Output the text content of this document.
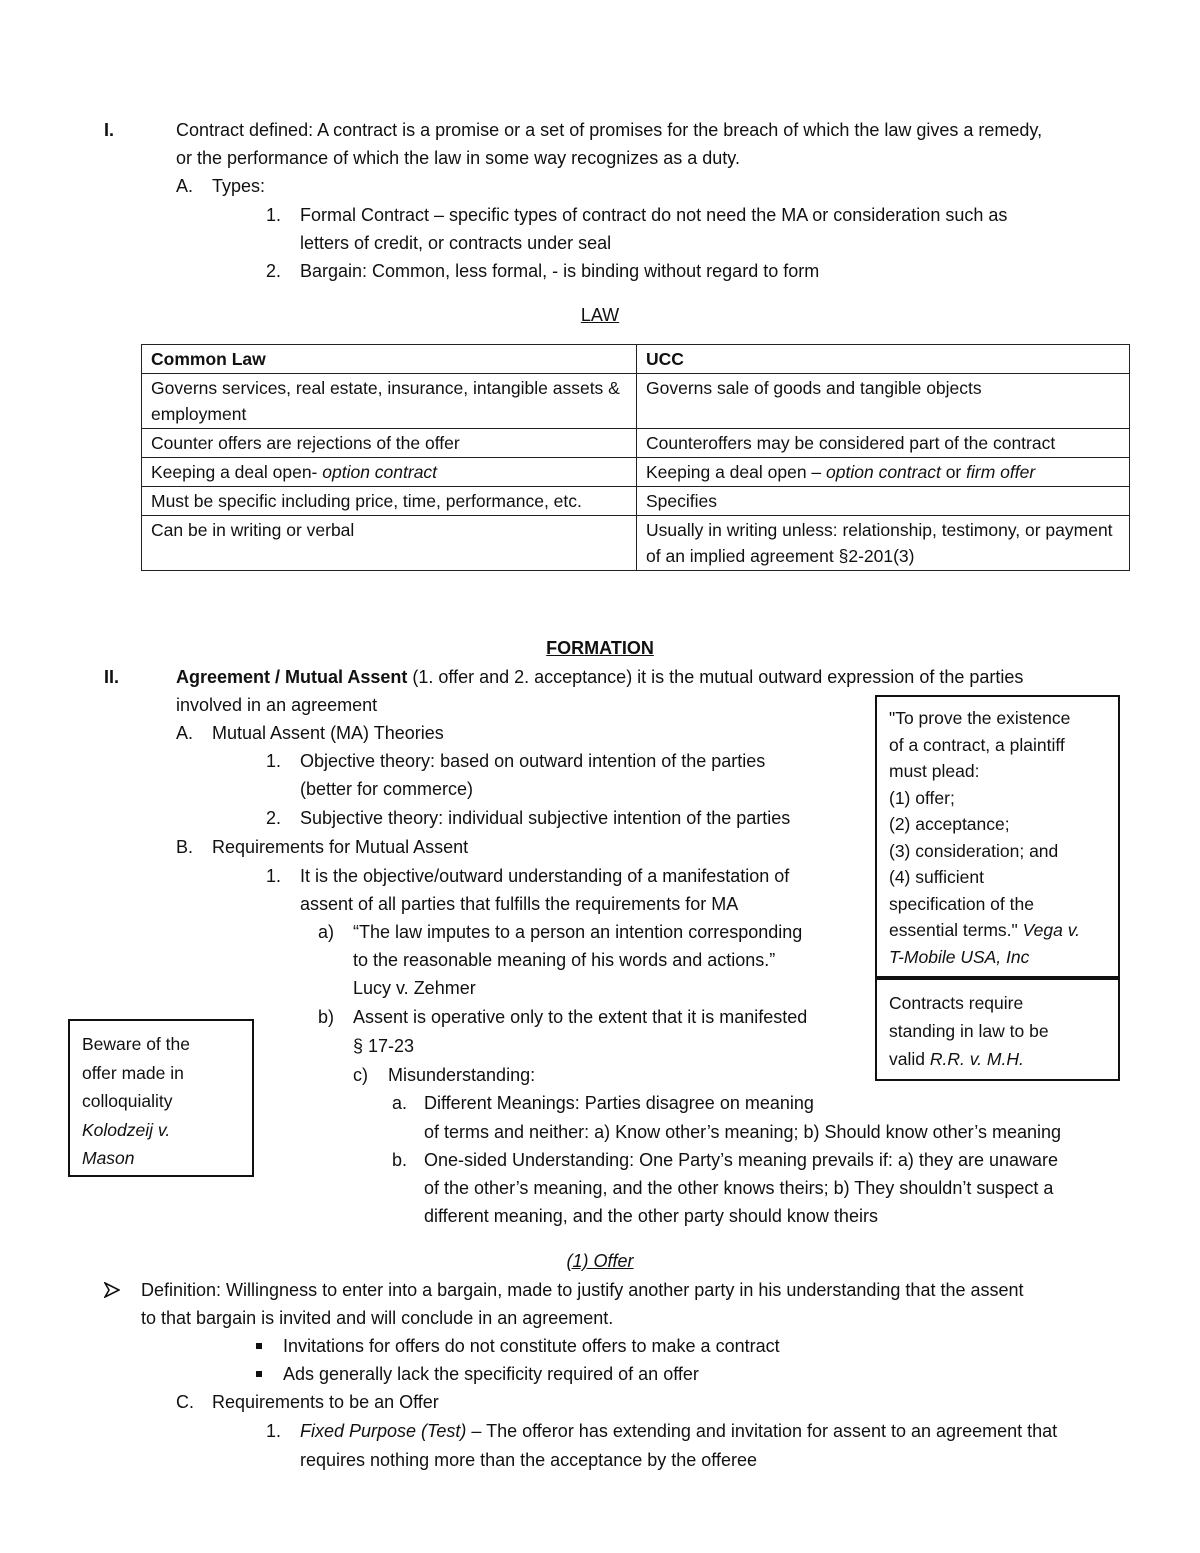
I.	Contract defined: A contract is a promise or a set of promises for the breach of which the law gives a remedy,
or the performance of which the law in some way recognizes as a duty.
A. Types:
1. Formal Contract – specific types of contract do not need the MA or consideration such as
letters of credit, or contracts under seal
2. Bargain: Common, less formal, - is binding without regard to form
LAW
Common Law	UCC
Governs services, real estate, insurance, intangible assets & employment	Governs sale of goods and tangible objects
Counter offers are rejections of the offer	Counteroffers may be considered part of the contract
Keeping a deal open- option contract	Keeping a deal open – option contract or firm offer
Must be specific including price, time, performance, etc.	Specifies
Can be in writing or verbal	Usually in writing unless: relationship, testimony, or payment of an implied agreement §2-201(3)
FORMATION
II.	Agreement / Mutual Assent (1. offer and 2. acceptance) it is the mutual outward expression of the parties
involved in an agreement
A. Mutual Assent (MA) Theories
1. Objective theory: based on outward intention of the parties
(better for commerce)
2. Subjective theory: individual subjective intention of the parties
B. Requirements for Mutual Assent
1. It is the objective/outward understanding of a manifestation of
assent of all parties that fulfills the requirements for MA
a) “The law imputes to a person an intention corresponding
to the reasonable meaning of his words and actions.”
Lucy v. Zehmer
b) Assent is operative only to the extent that it is manifested
§ 17-23
c) Misunderstanding:
a. Different Meanings: Parties disagree on meaning
of terms and neither: a) Know other’s meaning; b) Should know other’s meaning
b. One-sided Understanding: One Party’s meaning prevails if: a) they are unaware
of the other’s meaning, and the other knows theirs; b) They shouldn’t suspect a
different meaning, and the other party should know theirs
"To prove the existence
of a contract, a plaintiff
must plead:
(1) offer;
(2) acceptance;
(3) consideration; and
(4) sufficient
specification of the
essential terms." Vega v.
T-Mobile USA, Inc
Contracts require
standing in law to be
valid R.R. v. M.H.
Beware of the
offer made in
colloquiality
Kolodzeij v.
Mason
(1) Offer
Definition: Willingness to enter into a bargain, made to justify another party in his understanding that the assent
to that bargain is invited and will conclude in an agreement.
Invitations for offers do not constitute offers to make a contract
Ads generally lack the specificity required of an offer
C. Requirements to be an Offer
1. Fixed Purpose (Test) – The offeror has extending and invitation for assent to an agreement that
requires nothing more than the acceptance by the offeree
